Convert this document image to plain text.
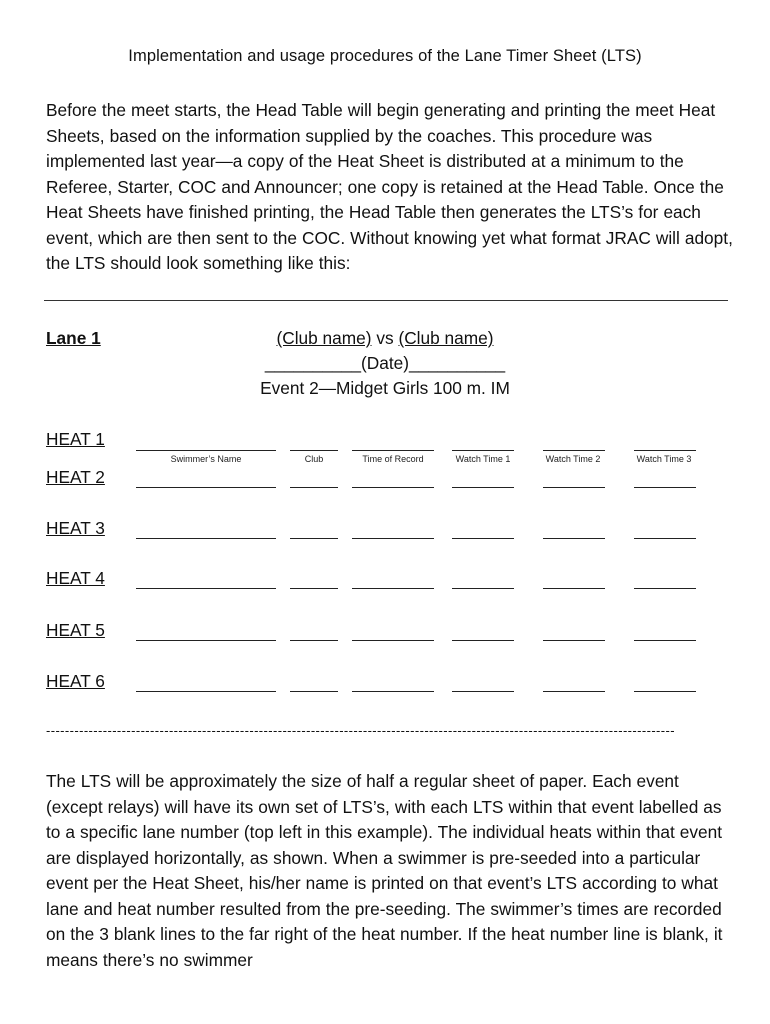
Implementation and usage procedures of the Lane Timer Sheet (LTS)
Before the meet starts, the Head Table will begin generating and printing the meet Heat Sheets, based on the information supplied by the coaches. This procedure was implemented last year—a copy of the Heat Sheet is distributed at a minimum to the Referee, Starter, COC and Announcer; one copy is retained at the Head Table. Once the Heat Sheets have finished printing, the Head Table then generates the LTS’s for each event, which are then sent to the COC. Without knowing yet what format JRAC will adopt, the LTS should look something like this:
Lane 1	(Club name) vs (Club name)
__________(Date)__________
Event 2—Midget Girls 100 m. IM
HEAT 1
HEAT 2
HEAT 3
HEAT 4
HEAT 5
HEAT 6
Swimmer’s Name	Club	Time of Record	Watch Time 1	Watch Time 2	Watch Time 3
-------------------------------------------------------------------------------------------------------------------------------------
The LTS will be approximately the size of half a regular sheet of paper. Each event (except relays) will have its own set of LTS’s, with each LTS within that event labelled as to a specific lane number (top left in this example). The individual heats within that event are displayed horizontally, as shown. When a swimmer is pre-seeded into a particular event per the Heat Sheet, his/her name is printed on that event’s LTS according to what lane and heat number resulted from the pre-seeding. The swimmer’s times are recorded on the 3 blank lines to the far right of the heat number. If the heat number line is blank, it means there’s no swimmer
